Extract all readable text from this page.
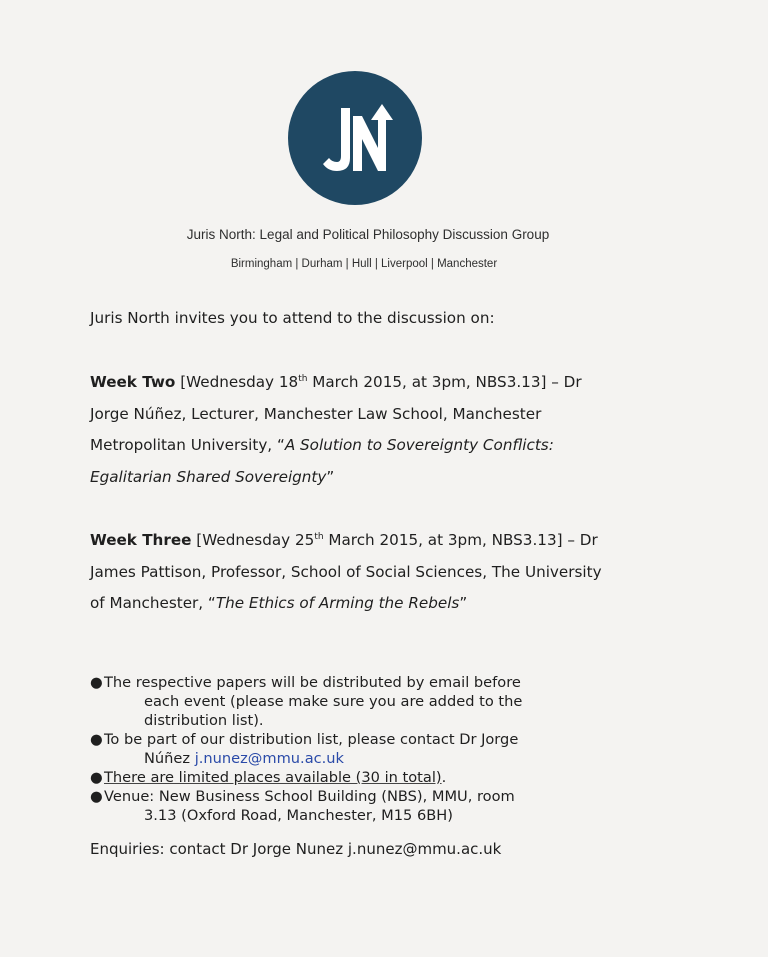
Juris North: Legal and Political Philosophy Discussion Group
Birmingham | Durham | Hull | Liverpool | Manchester
Juris North invites you to attend to the discussion on:
Week Two [Wednesday 18th March 2015, at 3pm, NBS3.13] – Dr
Jorge Núñez, Lecturer, Manchester Law School, Manchester
Metropolitan University, “A Solution to Sovereignty Conflicts:
Egalitarian Shared Sovereignty”
Week Three [Wednesday 25th March 2015, at 3pm, NBS3.13] – Dr
James Pattison, Professor, School of Social Sciences, The University
of Manchester, “The Ethics of Arming the Rebels”
● The respective papers will be distributed by email before
each event (please make sure you are added to the distribution list).
● To be part of our distribution list, please contact Dr Jorge
Núñez j.nunez@mmu.ac.uk
● There are limited places available (30 in total).
● Venue: New Business School Building (NBS), MMU, room
3.13 (Oxford Road, Manchester, M15 6BH)
Enquiries: contact Dr Jorge Nunez j.nunez@mmu.ac.uk
